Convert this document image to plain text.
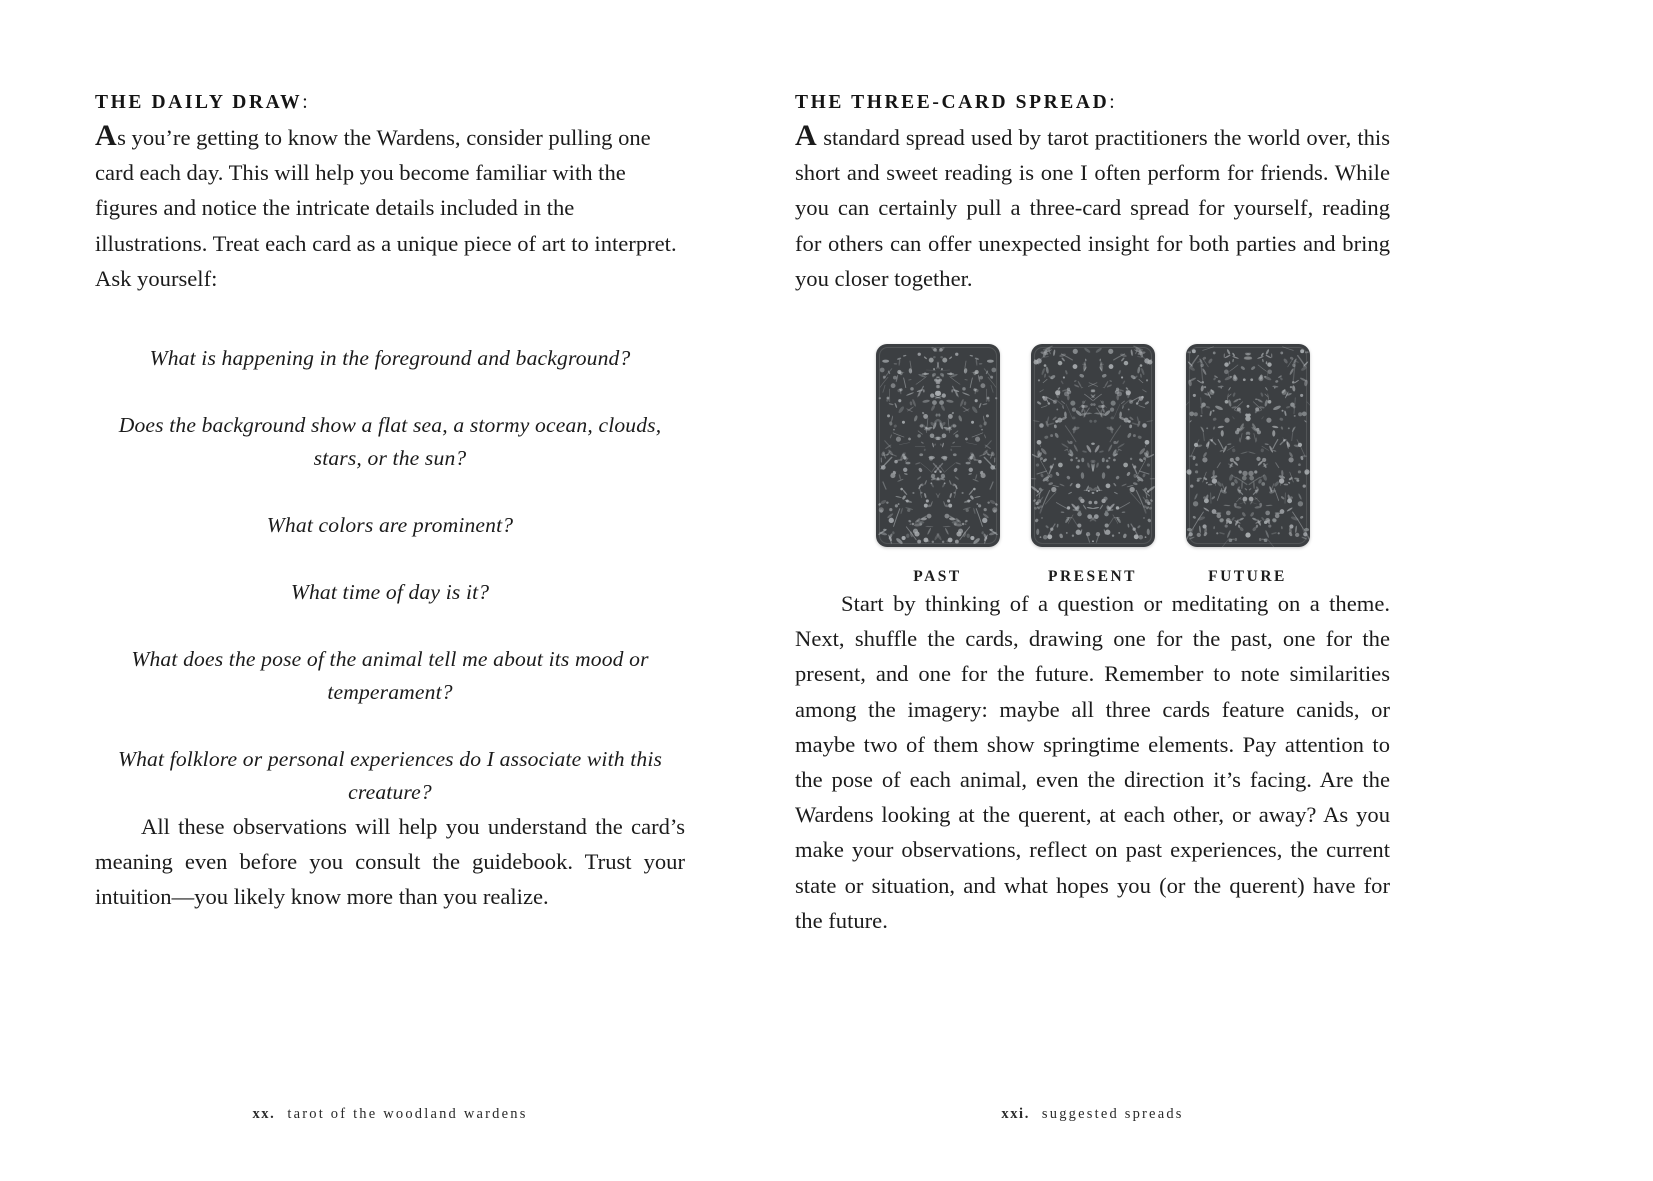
THE DAILY DRAW:

As you’re getting to know the Wardens, consider pulling one card each day. This will help you become familiar with the figures and notice the intricate details included in the illustrations. Treat each card as a unique piece of art to interpret. Ask yourself:

What is happening in the foreground and background?
Does the background show a flat sea, a stormy ocean, clouds, stars, or the sun?
What colors are prominent?
What time of day is it?
What does the pose of the animal tell me about its mood or temperament?
What folklore or personal experiences do I associate with this creature?

All these observations will help you understand the card’s meaning even before you consult the guidebook. Trust your intuition—you likely know more than you realize.

xx. tarot of the woodland wardens
THE THREE-CARD SPREAD:

A standard spread used by tarot practitioners the world over, this short and sweet reading is one I often perform for friends. While you can certainly pull a three-card spread for yourself, reading for others can offer unexpected insight for both parties and bring you closer together.

PAST	PRESENT	FUTURE

Start by thinking of a question or meditating on a theme. Next, shuffle the cards, drawing one for the past, one for the present, and one for the future. Remember to note similarities among the imagery: maybe all three cards feature canids, or maybe two of them show springtime elements. Pay attention to the pose of each animal, even the direction it’s facing. Are the Wardens looking at the querent, at each other, or away? As you make your observations, reflect on past experiences, the current state or situation, and what hopes you (or the querent) have for the future.

xxi. suggested spreads
